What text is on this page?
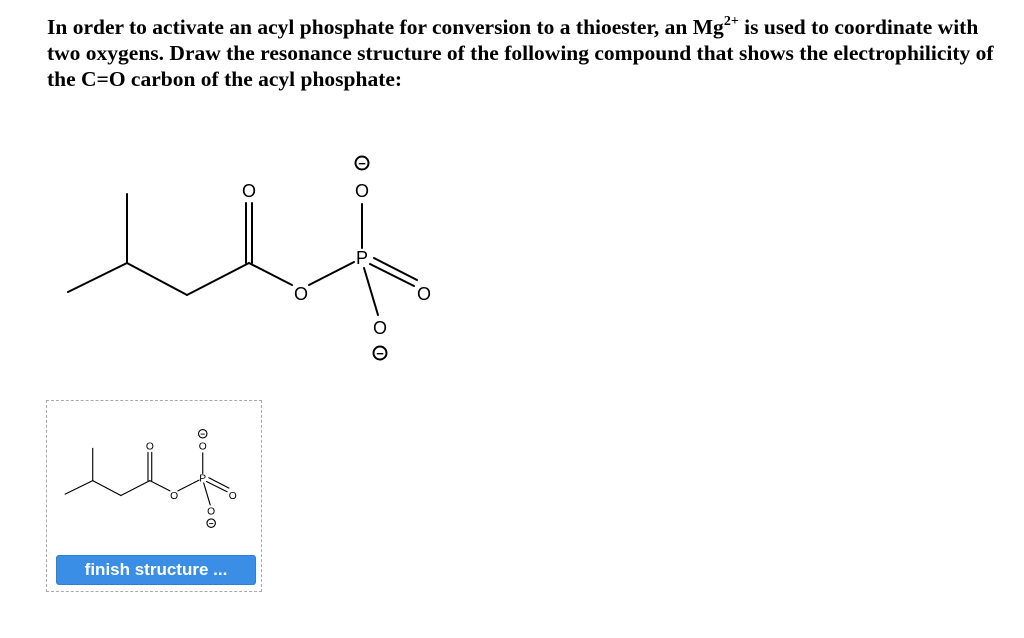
In order to activate an acyl phosphate for conversion to a thioester, an $Mg^{2+}$ is used to coordinate with two oxygens. Draw the resonance structure of the following compound that shows the electrophilicity of the C=O carbon of the acyl phosphate:
O
O
P
O
O
O
−
−
O
O
P
O
O
O
−
−
finish structure ...
